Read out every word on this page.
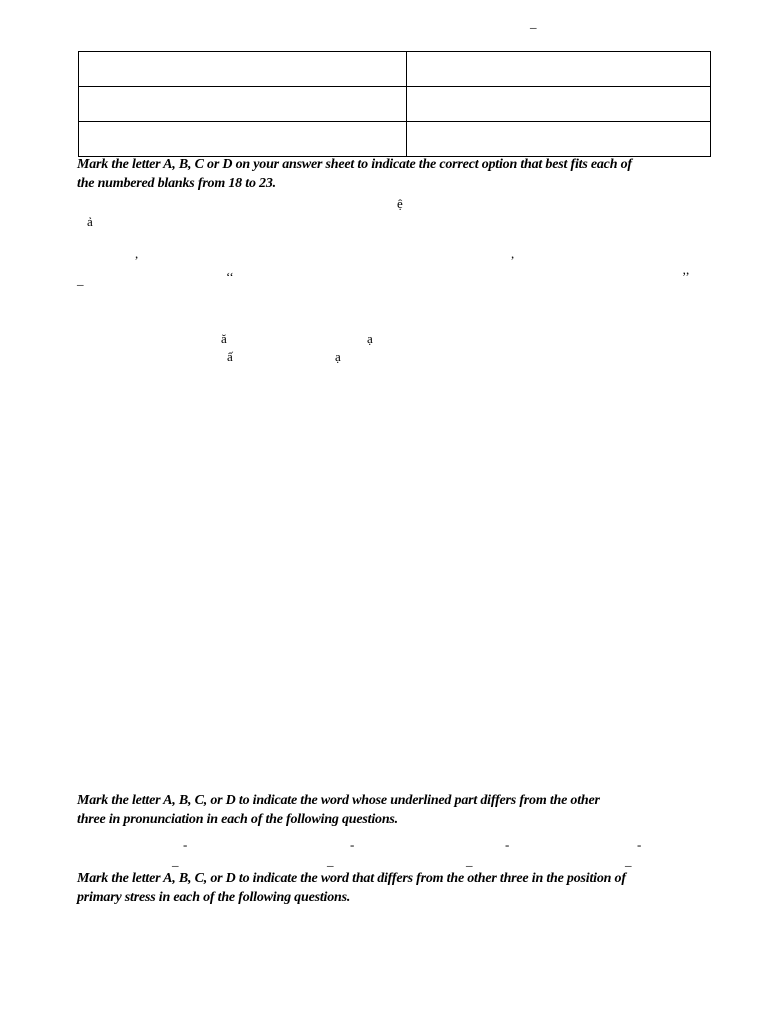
_

Mark the letter A, B, C or D on your answer sheet to indicate the correct option that best fits each of
the numbered blanks from 18 to 23.
ệ
ả
,	,
_	‘‘	’’
ă	ạ
ấ	ạ
Mark the letter A, B, C, or D to indicate the word whose underlined part differs from the other
three in pronunciation in each of the following questions.
-	-	-	-
_	_	_	_
Mark the letter A, B, C, or D to indicate the word that differs from the other three in the position of
primary stress in each of the following questions.
